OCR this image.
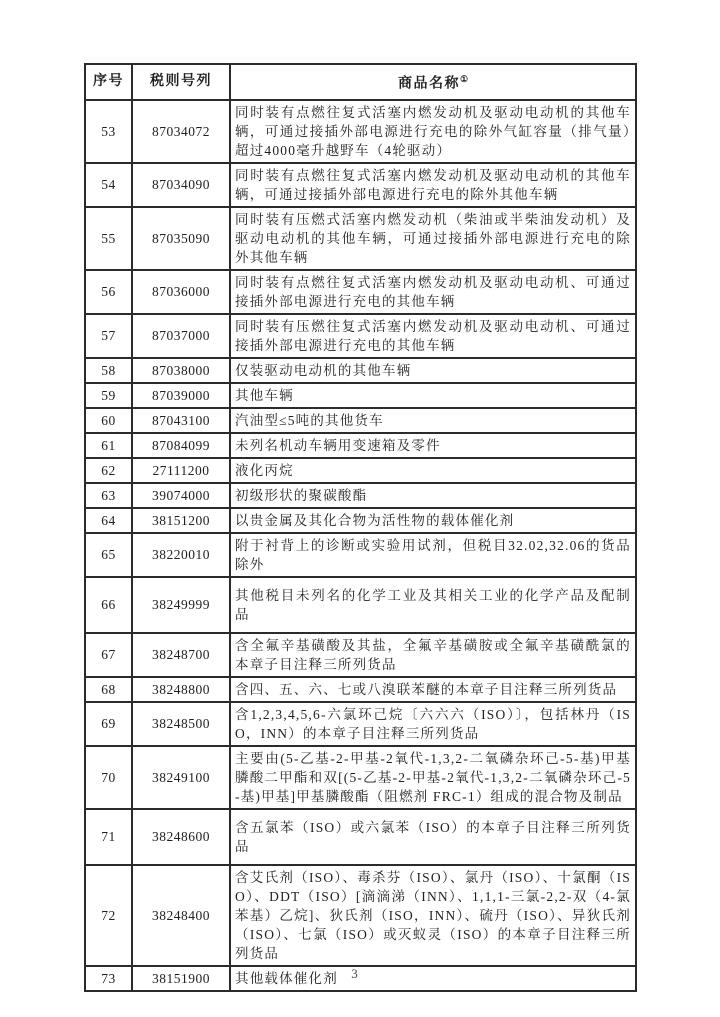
序号	税则号列	商品名称①
53	87034072	同时装有点燃往复式活塞内燃发动机及驱动电动机的其他车辆，可通过接插外部电源进行充电的除外气缸容量（排气量）超过4000毫升越野车（4轮驱动）
54	87034090	同时装有点燃往复式活塞内燃发动机及驱动电动机的其他车辆，可通过接插外部电源进行充电的除外其他车辆
55	87035090	同时装有压燃式活塞内燃发动机（柴油或半柴油发动机）及驱动电动机的其他车辆，可通过接插外部电源进行充电的除外其他车辆
56	87036000	同时装有点燃往复式活塞内燃发动机及驱动电动机、可通过接插外部电源进行充电的其他车辆
57	87037000	同时装有压燃往复式活塞内燃发动机及驱动电动机、可通过接插外部电源进行充电的其他车辆
58	87038000	仅装驱动电动机的其他车辆
59	87039000	其他车辆
60	87043100	汽油型≤5吨的其他货车
61	87084099	未列名机动车辆用变速箱及零件
62	27111200	液化丙烷
63	39074000	初级形状的聚碳酸酯
64	38151200	以贵金属及其化合物为活性物的载体催化剂
65	38220010	附于衬背上的诊断或实验用试剂，但税目32.02,32.06的货品除外
66	38249999	其他税目未列名的化学工业及其相关工业的化学产品及配制品
67	38248700	含全氟辛基磺酸及其盐，全氟辛基磺胺或全氟辛基磺酰氯的本章子目注释三所列货品
68	38248800	含四、五、六、七或八溴联苯醚的本章子目注释三所列货品
69	38248500	含1,2,3,4,5,6-六氯环己烷〔六六六（ISO）〕，包括林丹（ISO，INN）的本章子目注释三所列货品
70	38249100	主要由(5-乙基-2-甲基-2氧代-1,3,2-二氧磷杂环己-5-基)甲基膦酸二甲酯和双[(5-乙基-2-甲基-2氧代-1,3,2-二氧磷杂环己-5-基)甲基]甲基膦酸酯（阻燃剂 FRC-1）组成的混合物及制品
71	38248600	含五氯苯（ISO）或六氯苯（ISO）的本章子目注释三所列货品
72	38248400	含艾氏剂（ISO）、毒杀芬（ISO）、氯丹（ISO）、十氯酮（ISO）、DDT（ISO）[滴滴涕（INN）、1,1,1-三氯-2,2-双（4-氯苯基）乙烷]、狄氏剂（ISO，INN）、硫丹（ISO）、异狄氏剂（ISO）、七氯（ISO）或灭蚁灵（ISO）的本章子目注释三所列货品
73	38151900	其他载体催化剂	3
